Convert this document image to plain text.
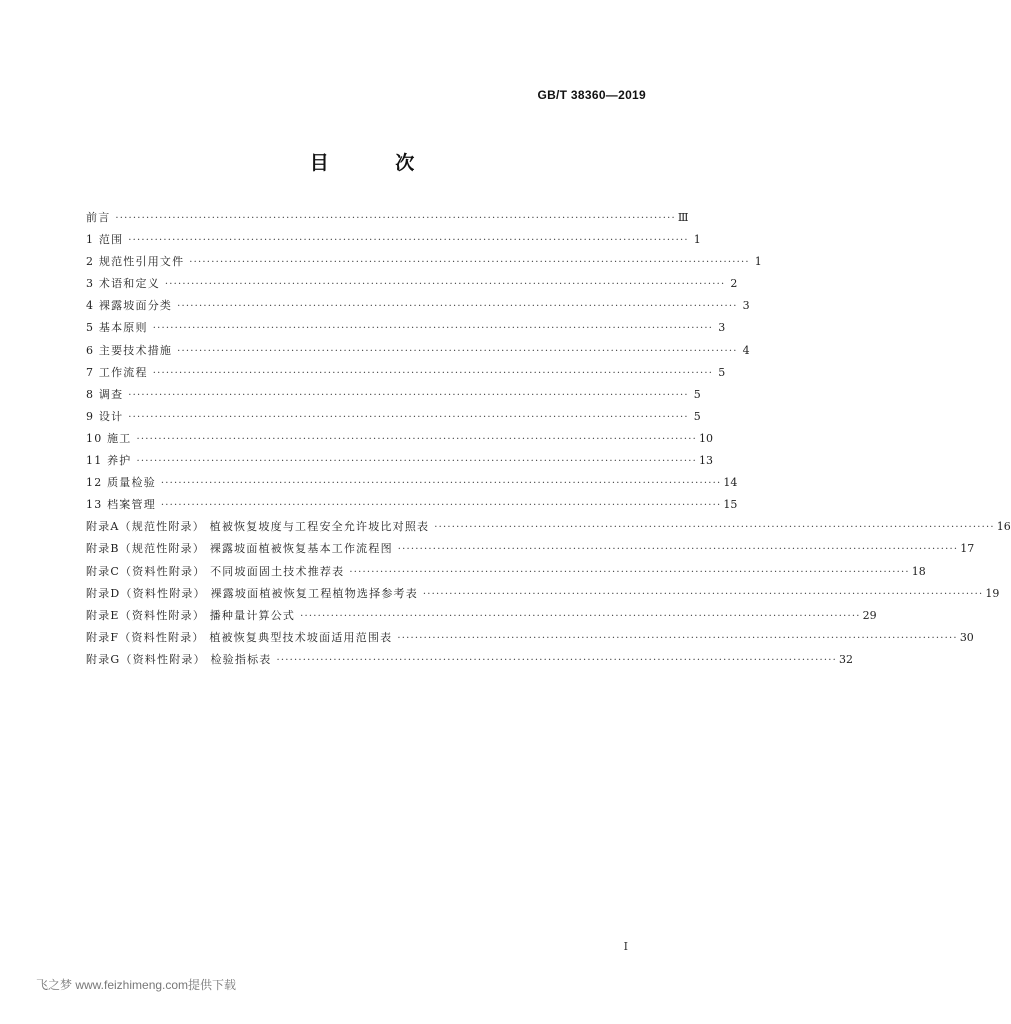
GB/T 38360—2019
目 次
前言 ································································································································ Ⅲ
1 范围 ································································································································ 1
2 规范性引用文件 ································································································································ 1
3 术语和定义 ································································································································ 2
4 裸露坡面分类 ································································································································ 3
5 基本原则 ································································································································ 3
6 主要技术措施 ································································································································ 4
7 工作流程 ································································································································ 5
8 调查 ································································································································ 5
9 设计 ································································································································ 5
10 施工 ································································································································ 10
11 养护 ································································································································ 13
12 质量检验 ································································································································ 14
13 档案管理 ································································································································ 15
附录A（规范性附录） 植被恢复坡度与工程安全允许坡比对照表 ································································································································ 16
附录B（规范性附录） 裸露坡面植被恢复基本工作流程图 ································································································································ 17
附录C（资料性附录） 不同坡面固土技术推荐表 ································································································································ 18
附录D（资料性附录） 裸露坡面植被恢复工程植物选择参考表 ································································································································ 19
附录E（资料性附录） 播种量计算公式 ································································································································ 29
附录F（资料性附录） 植被恢复典型技术坡面适用范围表 ································································································································ 30
附录G（资料性附录） 检验指标表 ································································································································ 32
I
飞之梦 www.feizhimeng.com提供下载
